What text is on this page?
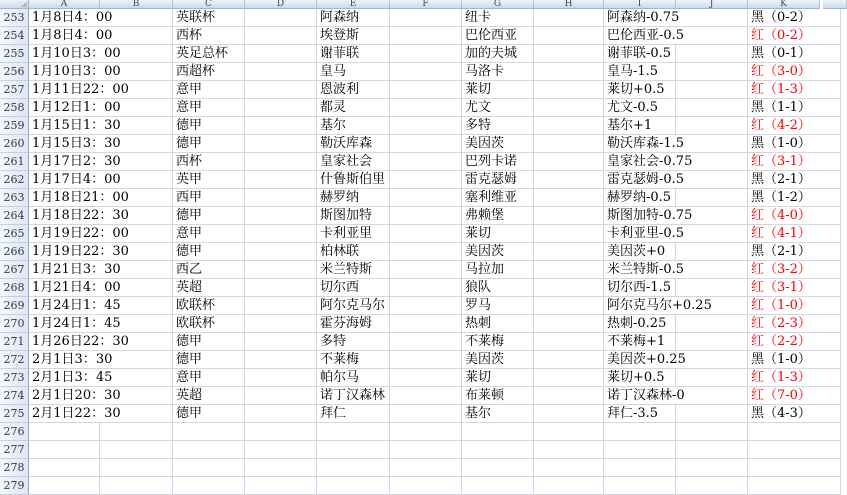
A	B	C	D	E	F	G	H	I	J	K
253 1月8日4：00	英联杯	阿森纳	纽卡	阿森纳-0.75	黑（0-2）
254 1月8日4：00	西杯	埃登斯	巴伦西亚	巴伦西亚-0.5	红（0-2）
255 1月10日3：00	英足总杯	谢菲联	加的夫城	谢菲联-0.5	黑（0-1）
256 1月10日3：00	西超杯	皇马	马洛卡	皇马-1.5	红（3-0）
257 1月11日22：00	意甲	恩波利	莱切	莱切+0.5	红（1-3）
258 1月12日1：00	意甲	都灵	尤文	尤文-0.5	黑（1-1）
259 1月15日1：30	德甲	基尔	多特	基尔+1	红（4-2）
260 1月15日3：30	德甲	勒沃库森	美因茨	勒沃库森-1.5	黑（1-0）
261 1月17日2：30	西杯	皇家社会	巴列卡诺	皇家社会-0.75	红（3-1）
262 1月17日4：00	英甲	什鲁斯伯里	雷克瑟姆	雷克瑟姆-0.5	黑（2-1）
263 1月18日21：00	西甲	赫罗纳	塞利维亚	赫罗纳-0.5	黑（1-2）
264 1月18日22：30	德甲	斯图加特	弗赖堡	斯图加特-0.75	红（4-0）
265 1月19日22：00	意甲	卡利亚里	莱切	卡利亚里-0.5	红（4-1）
266 1月19日22：30	德甲	柏林联	美因茨	美因茨+0	黑（2-1）
267 1月21日3：30	西乙	米兰特斯	马拉加	米兰特斯-0.5	红（3-2）
268 1月21日4：00	英超	切尔西	狼队	切尔西-1.5	红（3-1）
269 1月24日1：45	欧联杯	阿尔克马尔	罗马	阿尔克马尔+0.25	红（1-0）
270 1月24日1：45	欧联杯	霍芬海姆	热刺	热刺-0.25	红（2-3）
271 1月26日22：30	德甲	多特	不莱梅	不莱梅+1	红（2-2）
272 2月1日3：30	德甲	不莱梅	美因茨	美因茨+0.25	黑（1-0）
273 2月1日3：45	意甲	帕尔马	莱切	莱切+0.5	红（1-3）
274 2月1日20：30	英超	诺丁汉森林	布莱顿	诺丁汉森林-0	红（7-0）
275 2月1日22：30	德甲	拜仁	基尔	拜仁-3.5	黑（4-3）
276
277
278
279
